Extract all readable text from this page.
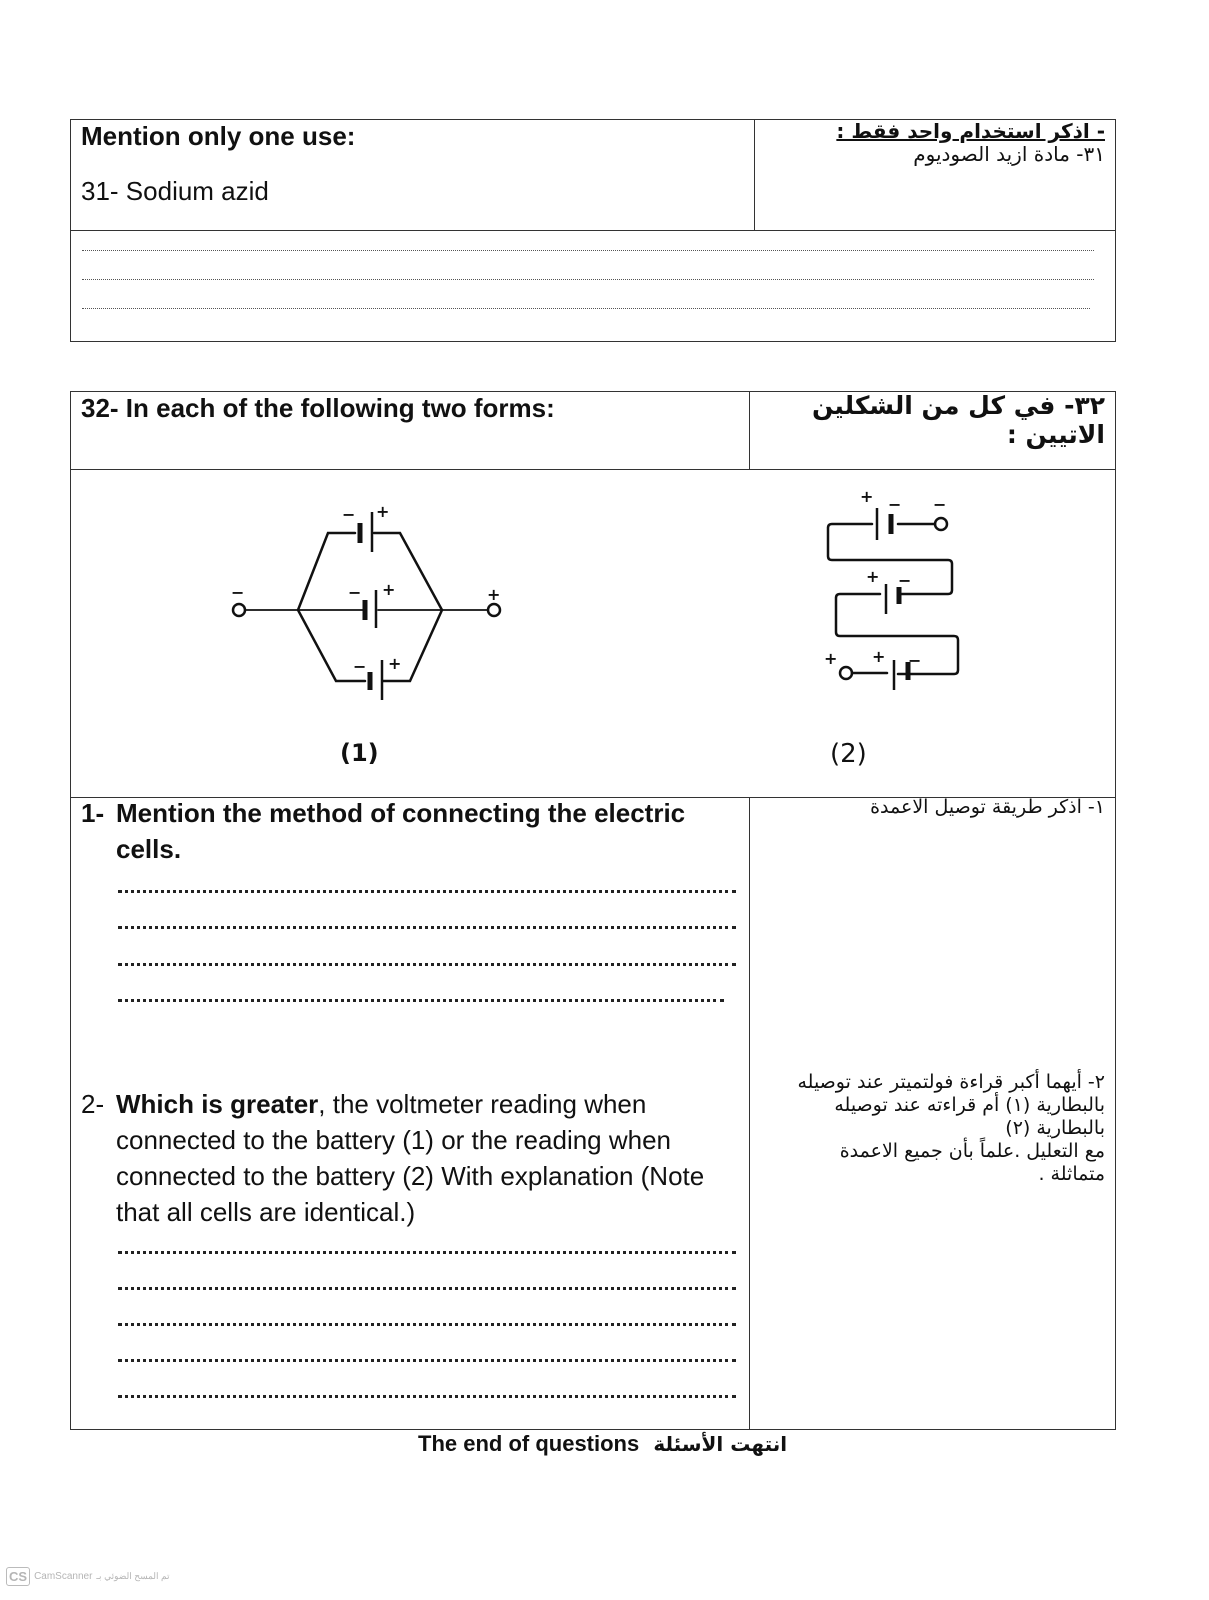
Mention only one use:
31- Sodium azid
- اذكر استخدام واحد فقط :
٣١- مادة ازيد الصوديوم
32- In each of the following two forms:	٣٢- في كل من الشكلين الاتيين :
− +
− +
− +
−	+
+ − −
+ −
+ −
+
(1)	(2)
1- Mention the method of connecting the electric
cells.
١- اذكر طريقة توصيل الاعمدة
2- Which is greater, the voltmeter reading when
connected to the battery (1) or the reading when
connected to the battery (2) With explanation (Note
that all cells are identical.)
٢- أيهما أكبر قراءة فولتميتر عند توصيله
بالبطارية (١) أم قراءته عند توصيله
بالبطارية (٢)
مع التعليل .علماً بأن جميع الاعمدة
متماثلة .
The end of questions انتهت الأسئلة
CS CamScanner تم المسح الضوئي بـ
